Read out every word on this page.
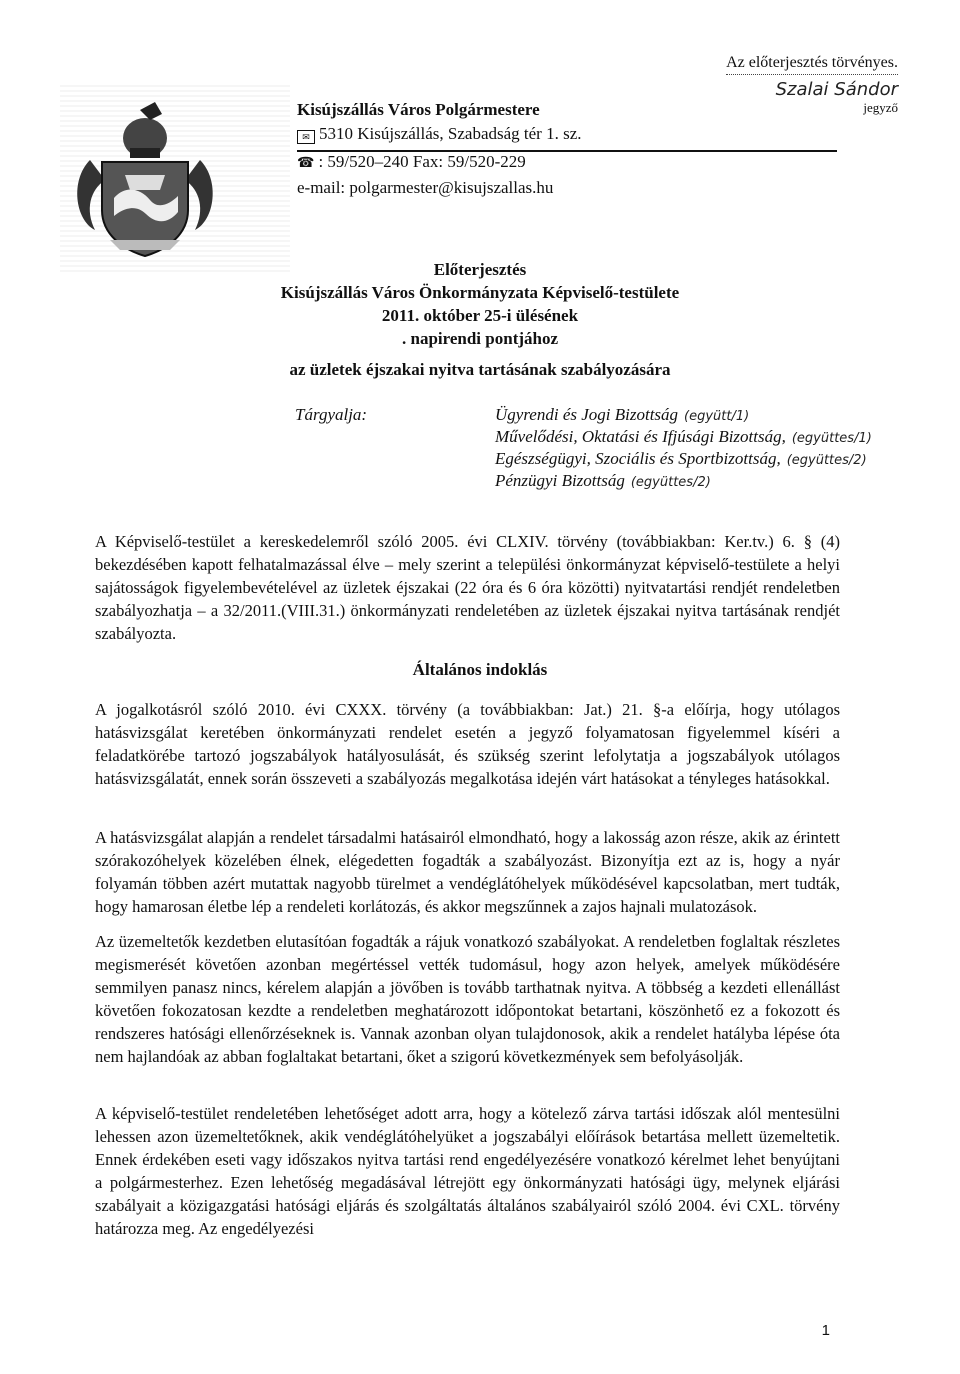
Az előterjesztés törvényes.
Szalai Sándor
jegyző
Kisújszállás Város Polgármestere
✉ 5310 Kisújszállás, Szabadság tér 1. sz.
☎ : 59/520–240 Fax: 59/520-229
e-mail: polgarmester@kisujszallas.hu
Előterjesztés
Kisújszállás Város Önkormányzata Képviselő-testülete
2011. október 25-i ülésének
. napirendi pontjához
az üzletek éjszakai nyitva tartásának szabályozására
Tárgyalja:	Ügyrendi és Jogi Bizottság (együtt/1)
Művelődési, Oktatási és Ifjúsági Bizottság, (együttes/1)
Egészségügyi, Szociális és Sportbizottság, (együttes/2)
Pénzügyi Bizottság (együttes/2)
A Képviselő-testület a kereskedelemről szóló 2005. évi CLXIV. törvény (továbbiakban: Ker.tv.) 6. § (4) bekezdésében kapott felhatalmazással élve – mely szerint a települési önkormányzat képviselő-testülete a helyi sajátosságok figyelembevételével az üzletek éjszakai (22 óra és 6 óra közötti) nyitvatartási rendjét rendeletben szabályozhatja – a 32/2011.(VIII.31.) önkormányzati rendeletében az üzletek éjszakai nyitva tartásának rendjét szabályozta.
Általános indoklás
A jogalkotásról szóló 2010. évi CXXX. törvény (a továbbiakban: Jat.) 21. §-a előírja, hogy utólagos hatásvizsgálat keretében önkormányzati rendelet esetén a jegyző folyamatosan figyelemmel kíséri a feladatkörébe tartozó jogszabályok hatályosulását, és szükség szerint lefolytatja a jogszabályok utólagos hatásvizsgálatát, ennek során összeveti a szabályozás megalkotása idején várt hatásokat a tényleges hatásokkal.
A hatásvizsgálat alapján a rendelet társadalmi hatásairól elmondható, hogy a lakosság azon része, akik az érintett szórakozóhelyek közelében élnek, elégedetten fogadták a szabályozást. Bizonyítja ezt az is, hogy a nyár folyamán többen azért mutattak nagyobb türelmet a vendéglátóhelyek működésével kapcsolatban, mert tudták, hogy hamarosan életbe lép a rendeleti korlátozás, és akkor megszűnnek a zajos hajnali mulatozások.
Az üzemeltetők kezdetben elutasítóan fogadták a rájuk vonatkozó szabályokat. A rendeletben foglaltak részletes megismerését követően azonban megértéssel vették tudomásul, hogy azon helyek, amelyek működésére semmilyen panasz nincs, kérelem alapján a jövőben is tovább tarthatnak nyitva. A többség a kezdeti ellenállást követően fokozatosan kezdte a rendeletben meghatározott időpontokat betartani, köszönhető ez a fokozott és rendszeres hatósági ellenőrzéseknek is. Vannak azonban olyan tulajdonosok, akik a rendelet hatályba lépése óta nem hajlandóak az abban foglaltakat betartani, őket a szigorú következmények sem befolyásolják.
A képviselő-testület rendeletében lehetőséget adott arra, hogy a kötelező zárva tartási időszak alól mentesülni lehessen azon üzemeltetőknek, akik vendéglátóhelyüket a jogszabályi előírások betartása mellett üzemeltetik. Ennek érdekében eseti vagy időszakos nyitva tartási rend engedélyezésére vonatkozó kérelmet lehet benyújtani a polgármesterhez. Ezen lehetőség megadásával létrejött egy önkormányzati hatósági ügy, melynek eljárási szabályait a közigazgatási hatósági eljárás és szolgáltatás általános szabályairól szóló 2004. évi CXL. törvény határozza meg. Az engedélyezési
1
